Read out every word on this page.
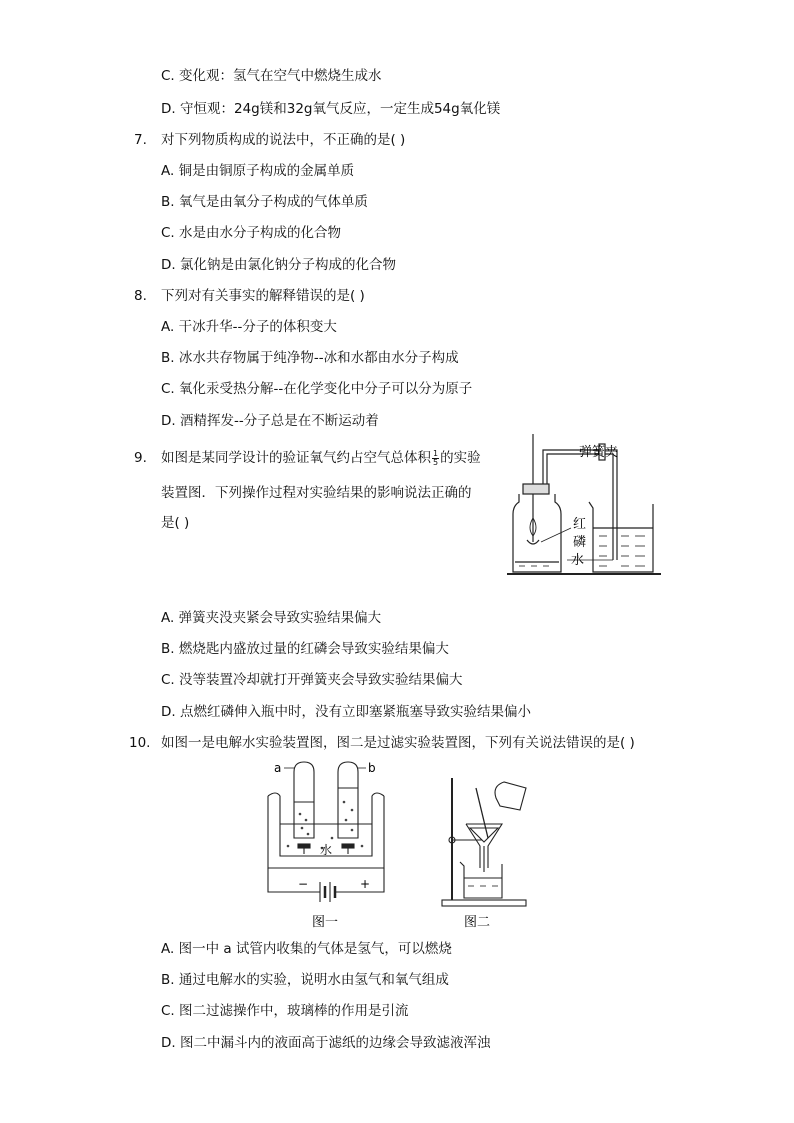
C. 变化观：氢气在空气中燃烧生成水
D. 守恒观：24g镁和32g氧气反应，一定生成54g氧化镁
7. 对下列物质构成的说法中，不正确的是( )
A. 铜是由铜原子构成的金属单质
B. 氧气是由氧分子构成的气体单质
C. 水是由水分子构成的化合物
D. 氯化钠是由氯化钠分子构成的化合物
8. 下列对有关事实的解释错误的是( )
A. 干冰升华--分子的体积变大
B. 冰水共存物属于纯净物--冰和水都由水分子构成
C. 氧化汞受热分解--在化学变化中分子可以分为原子
D. 酒精挥发--分子总是在不断运动着
9. 如图是某同学设计的验证氧气约占空气总体积 $\frac{1}{5}$ 的实验
装置图．下列操作过程对实验结果的影响说法正确的
是( )
弹簧夹
红
磷
水
A. 弹簧夹没夹紧会导致实验结果偏大
B. 燃烧匙内盛放过量的红磷会导致实验结果偏大
C. 没等装置冷却就打开弹簧夹会导致实验结果偏大
D. 点燃红磷伸入瓶中时，没有立即塞紧瓶塞导致实验结果偏小
10. 如图一是电解水实验装置图，图二是过滤实验装置图，下列有关说法错误的是( )
a	b
水
−	+
图一	图二
A. 图一中 a 试管内收集的气体是氢气，可以燃烧
B. 通过电解水的实验，说明水由氢气和氧气组成
C. 图二过滤操作中，玻璃棒的作用是引流
D. 图二中漏斗内的液面高于滤纸的边缘会导致滤液浑浊
